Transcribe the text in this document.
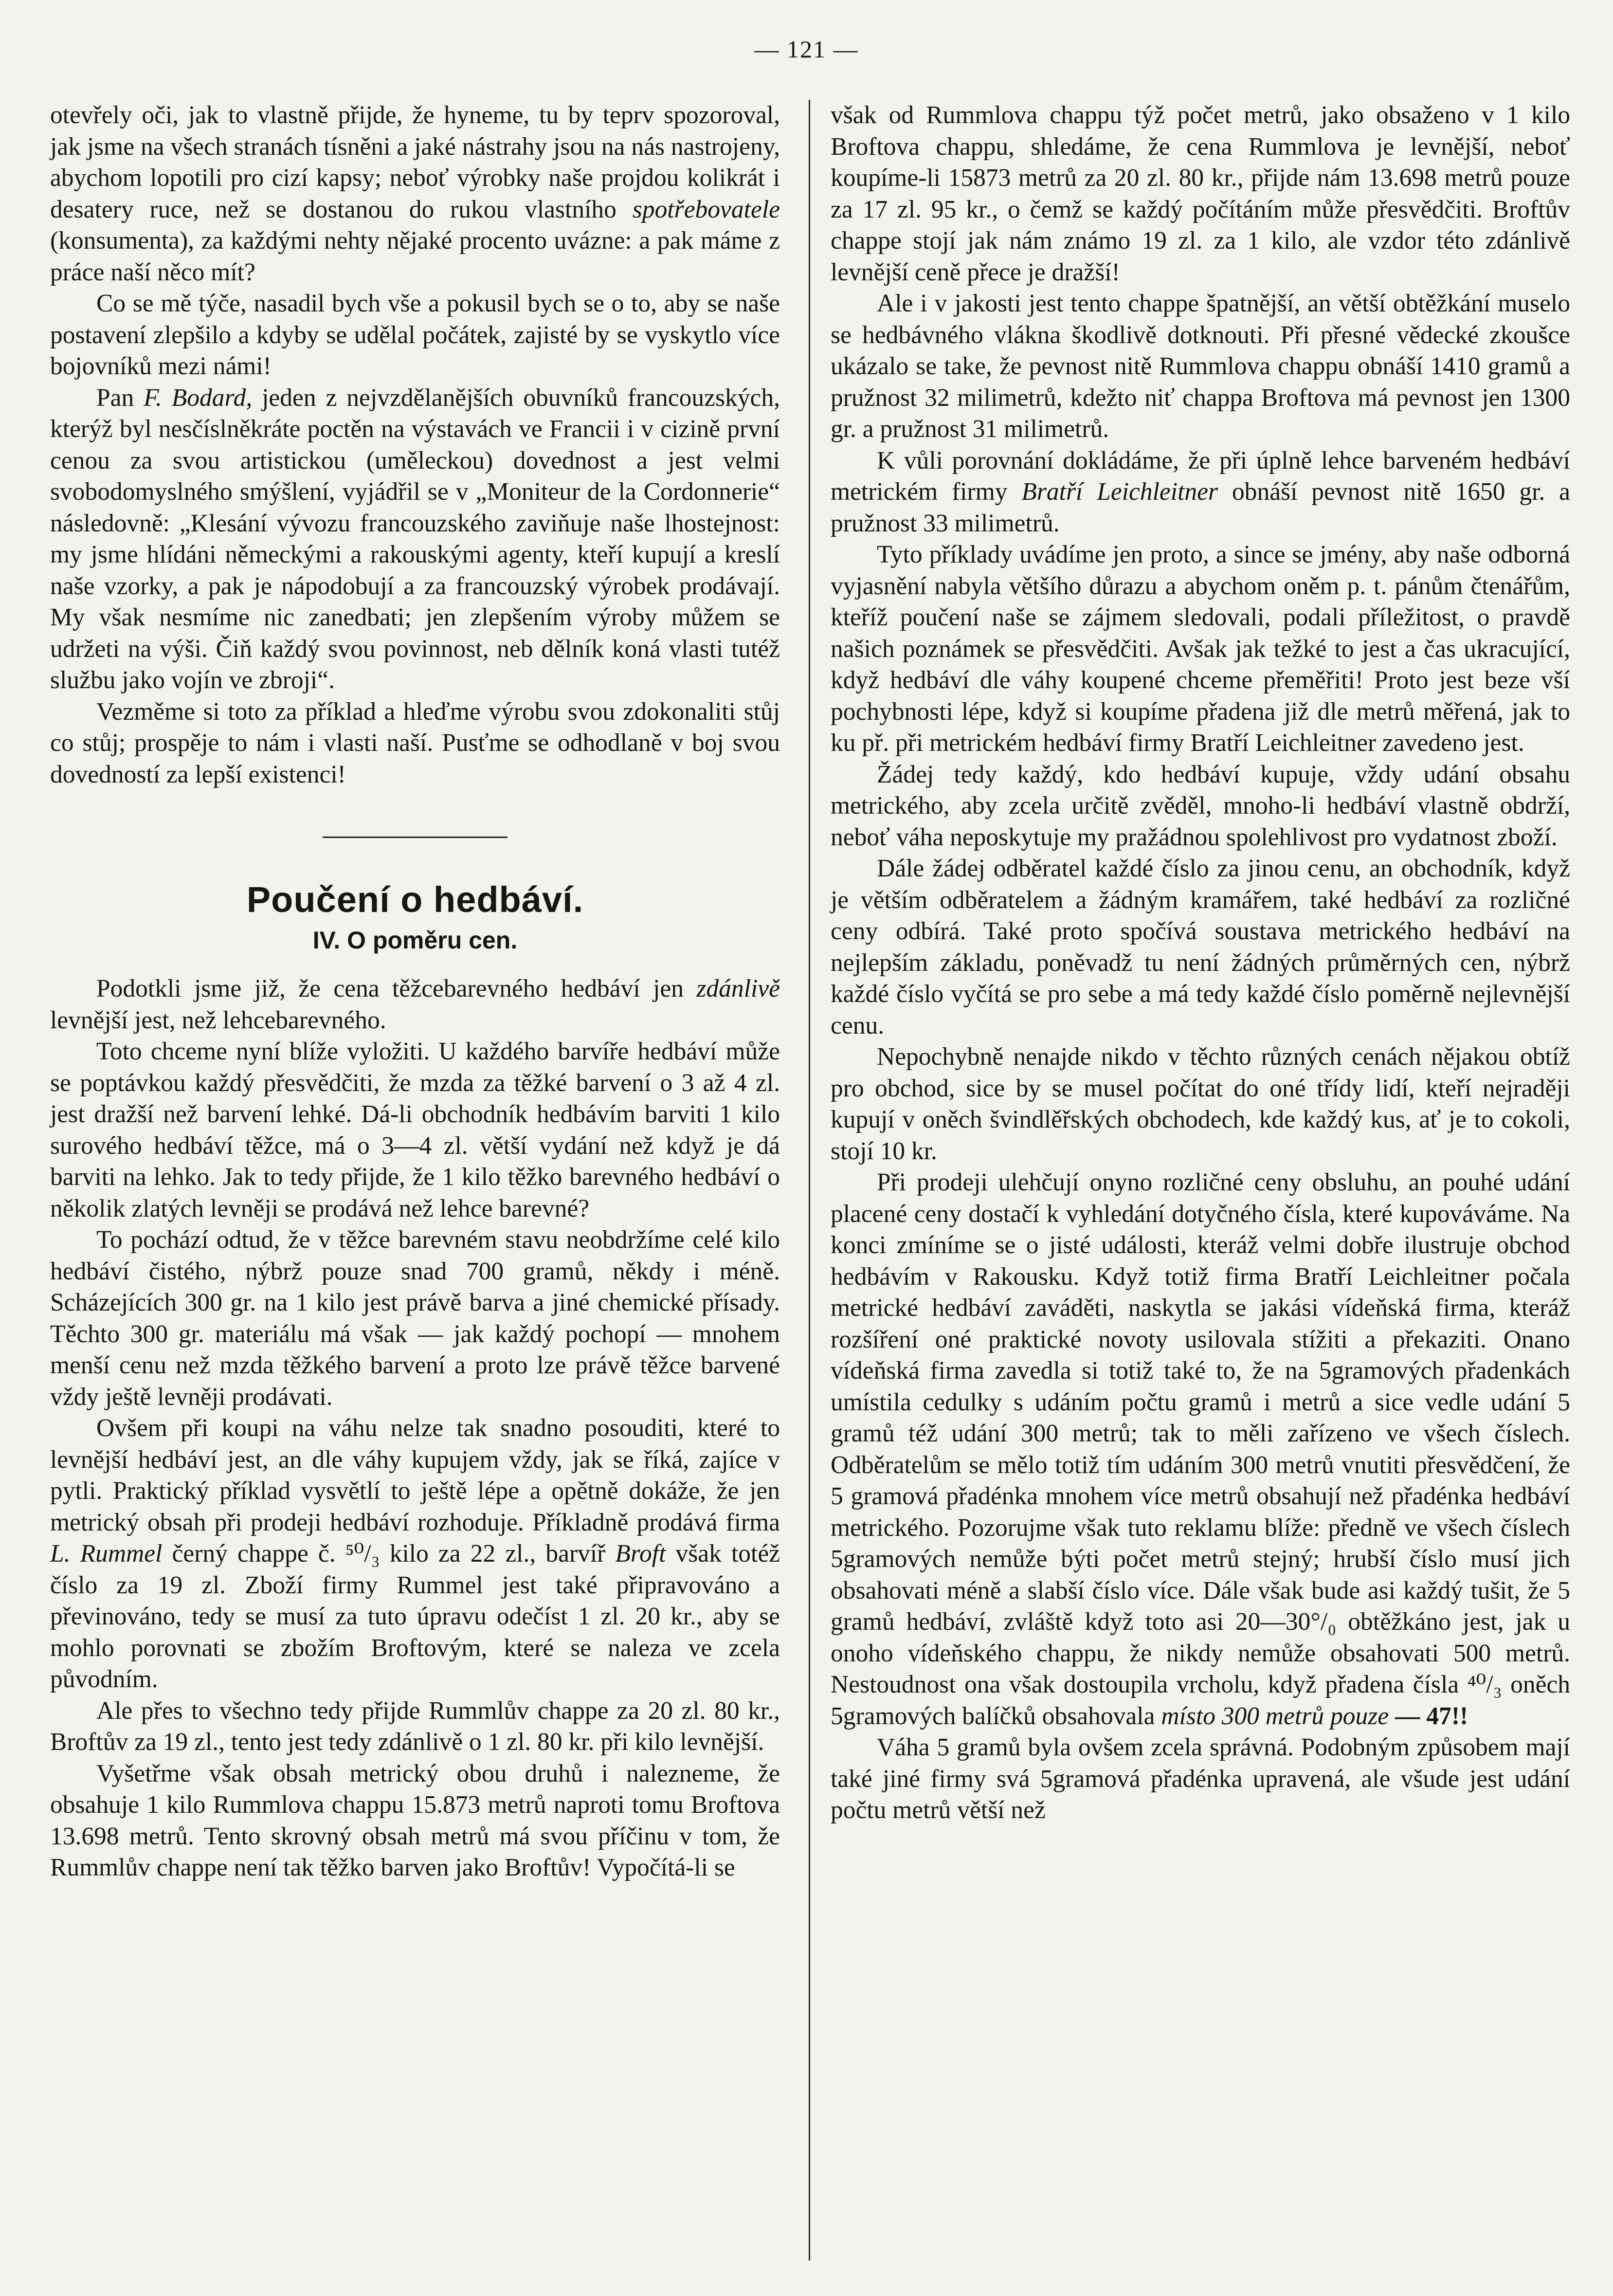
— 121 —

otevřely oči, jak to vlastně přijde, že hyneme, tu by teprv spozoroval, jak jsme na všech stranách tísněni a jaké nástrahy jsou na nás nastrojeny, abychom lopotili pro cizí kapsy; neboť výrobky naše projdou kolikrát i desatery ruce, než se dostanou do rukou vlastního spotřebovatele (konsumenta), za každými nehty nějaké procento uvázne: a pak máme z práce naší něco mít?

Co se mě týče, nasadil bych vše a pokusil bych se o to, aby se naše postavení zlepšilo a kdyby se udělal počátek, zajisté by se vyskytlo více bojovníků mezi námi!

Pan F. Bodard, jeden z nejvzdělanějších obuvníků francouzských, kterýž byl nesčíslněkráte poctěn na výstavách ve Francii i v cizině první cenou za svou artistickou (uměleckou) dovednost a jest velmi svobodomyslného smýšlení, vyjádřil se v „Moniteur de la Cordonnerie“ následovně: „Klesání vývozu francouzského zaviňuje naše lhostejnost: my jsme hlídáni německými a rakouskými agenty, kteří kupují a kreslí naše vzorky, a pak je nápodobují a za francouzský výrobek prodávají. My však nesmíme nic zanedbati; jen zlepšením výroby můžem se udržeti na výši. Čiň každý svou povinnost, neb dělník koná vlasti tutéž službu jako vojín ve zbroji“.

Vezměme si toto za příklad a hleďme výrobu svou zdokonaliti stůj co stůj; prospěje to nám i vlasti naší. Pusťme se odhodlaně v boj svou dovedností za lepší existenci!

Poučení o hedbáví.
IV. O poměru cen.

Podotkli jsme již, že cena těžcebarevného hedbáví jen zdánlivě levnější jest, než lehcebarevného.

Toto chceme nyní blíže vyložiti. U každého barvíře hedbáví může se poptávkou každý přesvědčiti, že mzda za těžké barvení o 3 až 4 zl. jest dražší než barvení lehké. Dá-li obchodník hedbávím barviti 1 kilo surového hedbáví těžce, má o 3—4 zl. větší vydání než když je dá barviti na lehko. Jak to tedy přijde, že 1 kilo těžko barevného hedbáví o několik zlatých levněji se prodává než lehce barevné?

To pochází odtud, že v těžce barevném stavu neobdržíme celé kilo hedbáví čistého, nýbrž pouze snad 700 gramů, někdy i méně. Scházejících 300 gr. na 1 kilo jest právě barva a jiné chemické přísady. Těchto 300 gr. materiálu má však — jak každý pochopí — mnohem menší cenu než mzda těžkého barvení a proto lze právě těžce barvené vždy ještě levněji prodávati.

Ovšem při koupi na váhu nelze tak snadno posouditi, které to levnější hedbáví jest, an dle váhy kupujem vždy, jak se říká, zajíce v pytli. Praktický příklad vysvětlí to ještě lépe a opětně dokáže, že jen metrický obsah při prodeji hedbáví rozhoduje. Příkladně prodává firma L. Rummel černý chappe č. ⁵⁰/₃ kilo za 22 zl., barvíř Broft však totéž číslo za 19 zl. Zboží firmy Rummel jest také připravováno a převinováno, tedy se musí za tuto úpravu odečíst 1 zl. 20 kr., aby se mohlo porovnati se zbožím Broftovým, které se naleza ve zcela původním.

Ale přes to všechno tedy přijde Rummlův chappe za 20 zl. 80 kr., Broftův za 19 zl., tento jest tedy zdánlivě o 1 zl. 80 kr. při kilo levnější.

Vyšetřme však obsah metrický obou druhů i nalezneme, že obsahuje 1 kilo Rummlova chappu 15.873 metrů naproti tomu Broftova 13.698 metrů. Tento skrovný obsah metrů má svou příčinu v tom, že Rummlův chappe není tak těžko barven jako Broftův! Vypočítá-li se

však od Rummlova chappu týž počet metrů, jako obsaženo v 1 kilo Broftova chappu, shledáme, že cena Rummlova je levnější, neboť koupíme-li 15873 metrů za 20 zl. 80 kr., přijde nám 13.698 metrů pouze za 17 zl. 95 kr., o čemž se každý počítáním může přesvědčiti. Broftův chappe stojí jak nám známo 19 zl. za 1 kilo, ale vzdor této zdánlivě levnější ceně přece je dražší!

Ale i v jakosti jest tento chappe špatnější, an větší obtěžkání muselo se hedbávného vlákna škodlivě dotknouti. Při přesné vědecké zkoušce ukázalo se take, že pevnost nitě Rummlova chappu obnáší 1410 gramů a pružnost 32 milimetrů, kdežto niť chappa Broftova má pevnost jen 1300 gr. a pružnost 31 milimetrů.

K vůli porovnání dokládáme, že při úplně lehce barveném hedbáví metrickém firmy Bratří Leichleitner obnáší pevnost nitě 1650 gr. a pružnost 33 milimetrů.

Tyto příklady uvádíme jen proto, a since se jmény, aby naše odborná vyjasnění nabyla většího důrazu a abychom oněm p. t. pánům čtenářům, kteříž poučení naše se zájmem sledovali, podali příležitost, o pravdě našich poznámek se přesvědčiti. Avšak jak težké to jest a čas ukracující, když hedbáví dle váhy koupené chceme přeměřiti! Proto jest beze vší pochybnosti lépe, když si koupíme přadena již dle metrů měřená, jak to ku př. při metrickém hedbáví firmy Bratří Leichleitner zavedeno jest.

Žádej tedy každý, kdo hedbáví kupuje, vždy udání obsahu metrického, aby zcela určitě zvěděl, mnoho-li hedbáví vlastně obdrží, neboť váha neposkytuje my pražádnou spolehlivost pro vydatnost zboží.

Dále žádej odběratel každé číslo za jinou cenu, an obchodník, když je větším odběratelem a žádným kramářem, také hedbáví za rozličné ceny odbírá. Také proto spočívá soustava metrického hedbáví na nejlepším základu, poněvadž tu není žádných průměrných cen, nýbrž každé číslo vyčítá se pro sebe a má tedy každé číslo poměrně nejlevnější cenu.

Nepochybně nenajde nikdo v těchto různých cenách nějakou obtíž pro obchod, sice by se musel počítat do oné třídy lidí, kteří nejraději kupují v oněch švindlěřských obchodech, kde každý kus, ať je to cokoli, stojí 10 kr.

Při prodeji ulehčují onyno rozličné ceny obsluhu, an pouhé udání placené ceny dostačí k vyhledání dotyčného čísla, které kupováváme. Na konci zmíníme se o jisté události, kteráž velmi dobře ilustruje obchod hedbávím v Rakousku. Když totiž firma Bratří Leichleitner počala metrické hedbáví zaváděti, naskytla se jakási vídeňská firma, kteráž rozšíření oné praktické novoty usilovala stížiti a překaziti. Onano vídeňská firma zavedla si totiž také to, že na 5gramových přadenkách umístila cedulky s udáním počtu gramů i metrů a sice vedle udání 5 gramů též udání 300 metrů; tak to měli zařízeno ve všech číslech. Odběratelům se mělo totiž tím udáním 300 metrů vnutiti přesvědčení, že 5 gramová přadénka mnohem více metrů obsahují než přadénka hedbáví metrického. Pozorujme však tuto reklamu blíže: předně ve všech číslech 5gramových nemůže býti počet metrů stejný; hrubší číslo musí jich obsahovati méně a slabší číslo více. Dále však bude asi každý tušit, že 5 gramů hedbáví, zvláště když toto asi 20—30°/₀ obtěžkáno jest, jak u onoho vídeňského chappu, že nikdy nemůže obsahovati 500 metrů. Nestoudnost ona však dostoupila vrcholu, když přadena čísla ⁴⁰/₃ oněch 5gramových balíčků obsahovala místo 300 metrů pouze — 47!!

Váha 5 gramů byla ovšem zcela správná. Podobným způsobem mají také jiné firmy svá 5gramová přadénka upravená, ale všude jest udání počtu metrů větší než
